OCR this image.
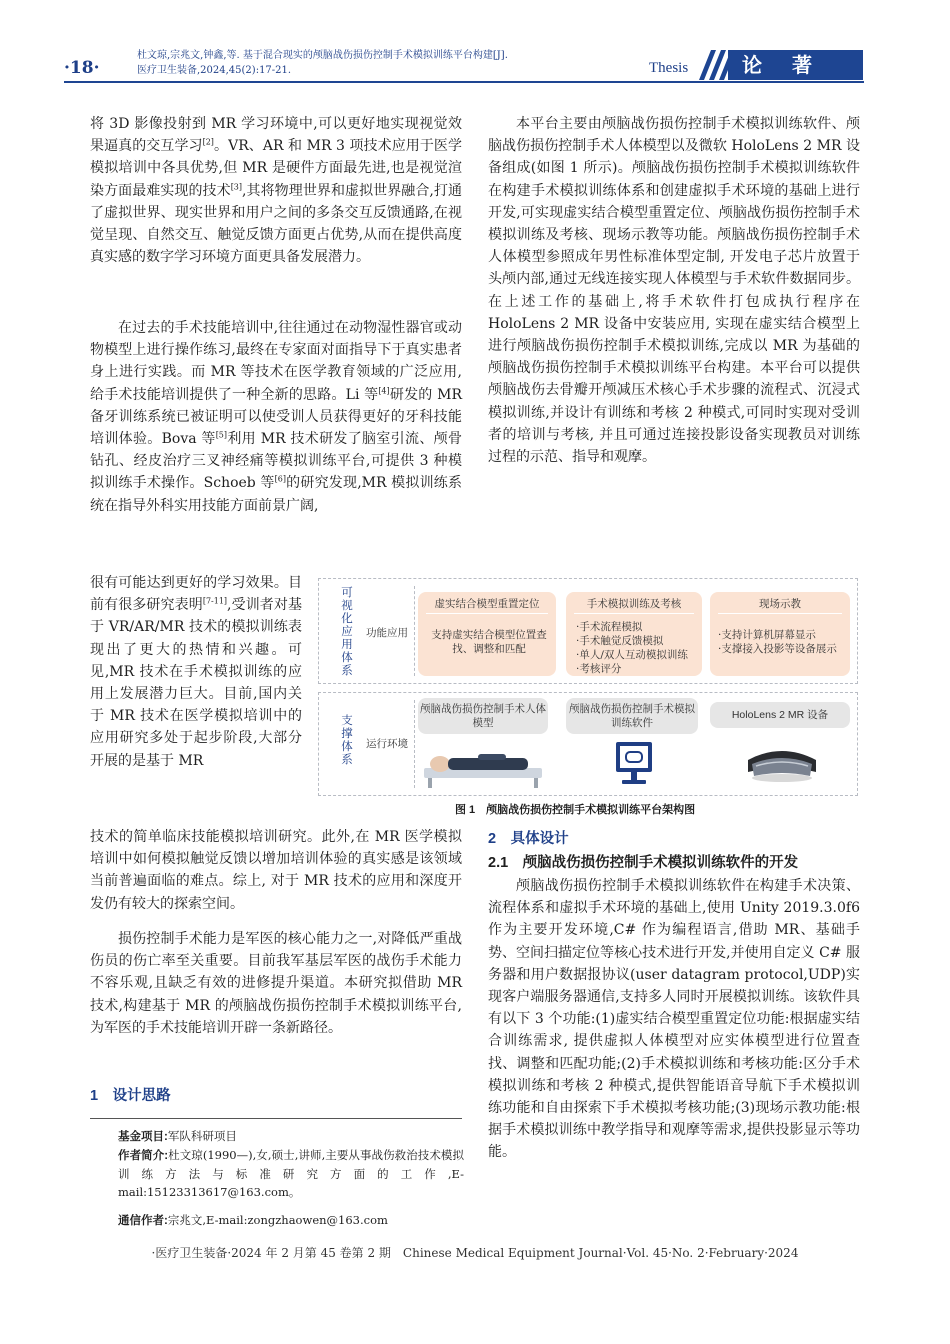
·18·
杜文琼,宗兆文,钟鑫,等. 基于混合现实的颅脑战伤损伤控制手术模拟训练平台构建[J].
医疗卫生装备,2024,45(2):17-21.	Thesis	论著
将 3D 影像投射到 MR 学习环境中,可以更好地实现视觉效果逼真的交互学习[2]。VR、AR 和 MR 3 项技术应用于医学模拟培训中各具优势,但 MR 是硬件方面最先进,也是视觉渲染方面最难实现的技术[3],其将物理世界和虚拟世界融合,打通了虚拟世界、现实世界和用户之间的多条交互反馈通路,在视觉呈现、自然交互、触觉反馈方面更占优势,从而在提供高度真实感的数字学习环境方面更具备发展潜力。
在过去的手术技能培训中,往往通过在动物湿性器官或动物模型上进行操作练习,最终在专家面对面指导下于真实患者身上进行实践。而 MR 等技术在医学教育领域的广泛应用,给手术技能培训提供了一种全新的思路。Li 等[4]研发的 MR 备牙训练系统已被证明可以使受训人员获得更好的牙科技能培训体验。Bova 等[5]利用 MR 技术研发了脑室引流、颅骨钻孔、经皮治疗三叉神经痛等模拟训练平台,可提供 3 种模拟训练手术操作。Schoeb 等[6]的研究发现,MR 模拟训练系统在指导外科实用技能方面前景广阔,
很有可能达到更好的学习效果。目前有很多研究表明[7-11],受训者对基于 VR/AR/MR 技术的模拟训练表现出了更大的热情和兴趣。可见,MR 技术在手术模拟训练的应用上发展潜力巨大。目前,国内关于 MR 技术在医学模拟培训中的应用研究多处于起步阶段,大部分开展的是基于 MR
技术的简单临床技能模拟培训研究。此外,在 MR 医学模拟培训中如何模拟触觉反馈以增加培训体验的真实感是该领域当前普遍面临的难点。综上, 对于 MR 技术的应用和深度开发仍有较大的探索空间。
损伤控制手术能力是军医的核心能力之一,对降低严重战伤员的伤亡率至关重要。目前我军基层军医的战伤手术能力不容乐观,且缺乏有效的进修提升渠道。本研究拟借助 MR 技术,构建基于 MR 的颅脑战伤损伤控制手术模拟训练平台,为军医的手术技能培训开辟一条新路径。
1　设计思路
本平台主要由颅脑战伤损伤控制手术模拟训练软件、颅脑战伤损伤控制手术人体模型以及微软 HoloLens 2 MR 设备组成(如图 1 所示)。颅脑战伤损伤控制手术模拟训练软件在构建手术模拟训练体系和创建虚拟手术环境的基础上进行开发,可实现虚实结合模型重置定位、颅脑战伤损伤控制手术模拟训练及考核、现场示教等功能。颅脑战伤损伤控制手术人体模型参照成年男性标准体型定制, 开发电子芯片放置于头颅内部,通过无线连接实现人体模型与手术软件数据同步。在上述工作的基础上,将手术软件打包成执行程序在 HoloLens 2 MR 设备中安装应用, 实现在虚实结合模型上进行颅脑战伤损伤控制手术模拟训练,完成以 MR 为基础的颅脑战伤损伤控制手术模拟训练平台构建。本平台可以提供颅脑战伤去骨瓣开颅减压术核心手术步骤的流程式、沉浸式模拟训练,并设计有训练和考核 2 种模式,可同时实现对受训者的培训与考核, 并且可通过连接投影设备实现教员对训练过程的示范、指导和观摩。
可视化应用体系
功能应用
虚实结合模型重置定位
支持虚实结合模型位置查找、调整和匹配
手术模拟训练及考核
·手术流程模拟
·手术触觉反馈模拟
·单人/双人互动模拟训练
·考核评分
现场示教
·支持计算机屏幕显示
·支撑接入投影等设备展示
支撑体系
运行环境
颅脑战伤损伤控制手术人体模型
颅脑战伤损伤控制手术模拟训练软件
HoloLens 2 MR 设备
图 1　颅脑战伤损伤控制手术模拟训练平台架构图
2　具体设计
2.1　颅脑战伤损伤控制手术模拟训练软件的开发
颅脑战伤损伤控制手术模拟训练软件在构建手术决策、流程体系和虚拟手术环境的基础上,使用 Unity 2019.3.0f6 作为主要开发环境,C# 作为编程语言,借助 MR、基础手势、空间扫描定位等核心技术进行开发,并使用自定义 C# 服务器和用户数据报协议(user datagram protocol,UDP)实现客户端服务器通信,支持多人同时开展模拟训练。该软件具有以下 3 个功能:(1)虚实结合模型重置定位功能:根据虚实结合训练需求, 提供虚拟人体模型对应实体模型进行位置查找、调整和匹配功能;(2)手术模拟训练和考核功能:区分手术模拟训练和考核 2 种模式,提供智能语音导航下手术模拟训练功能和自由探索下手术模拟考核功能;(3)现场示教功能:根据手术模拟训练中教学指导和观摩等需求,提供投影显示等功能。
基金项目:军队科研项目
作者简介:杜文琼(1990—),女,硕士,讲师,主要从事战伤救治技术模拟训练方法与标准研究方面的工作,E-mail:15123313617@163.com。
通信作者:宗兆文,E-mail:zongzhaowen@163.com
·医疗卫生装备·2024 年 2 月第 45 卷第 2 期　Chinese Medical Equipment Journal·Vol. 45·No. 2·February·2024
